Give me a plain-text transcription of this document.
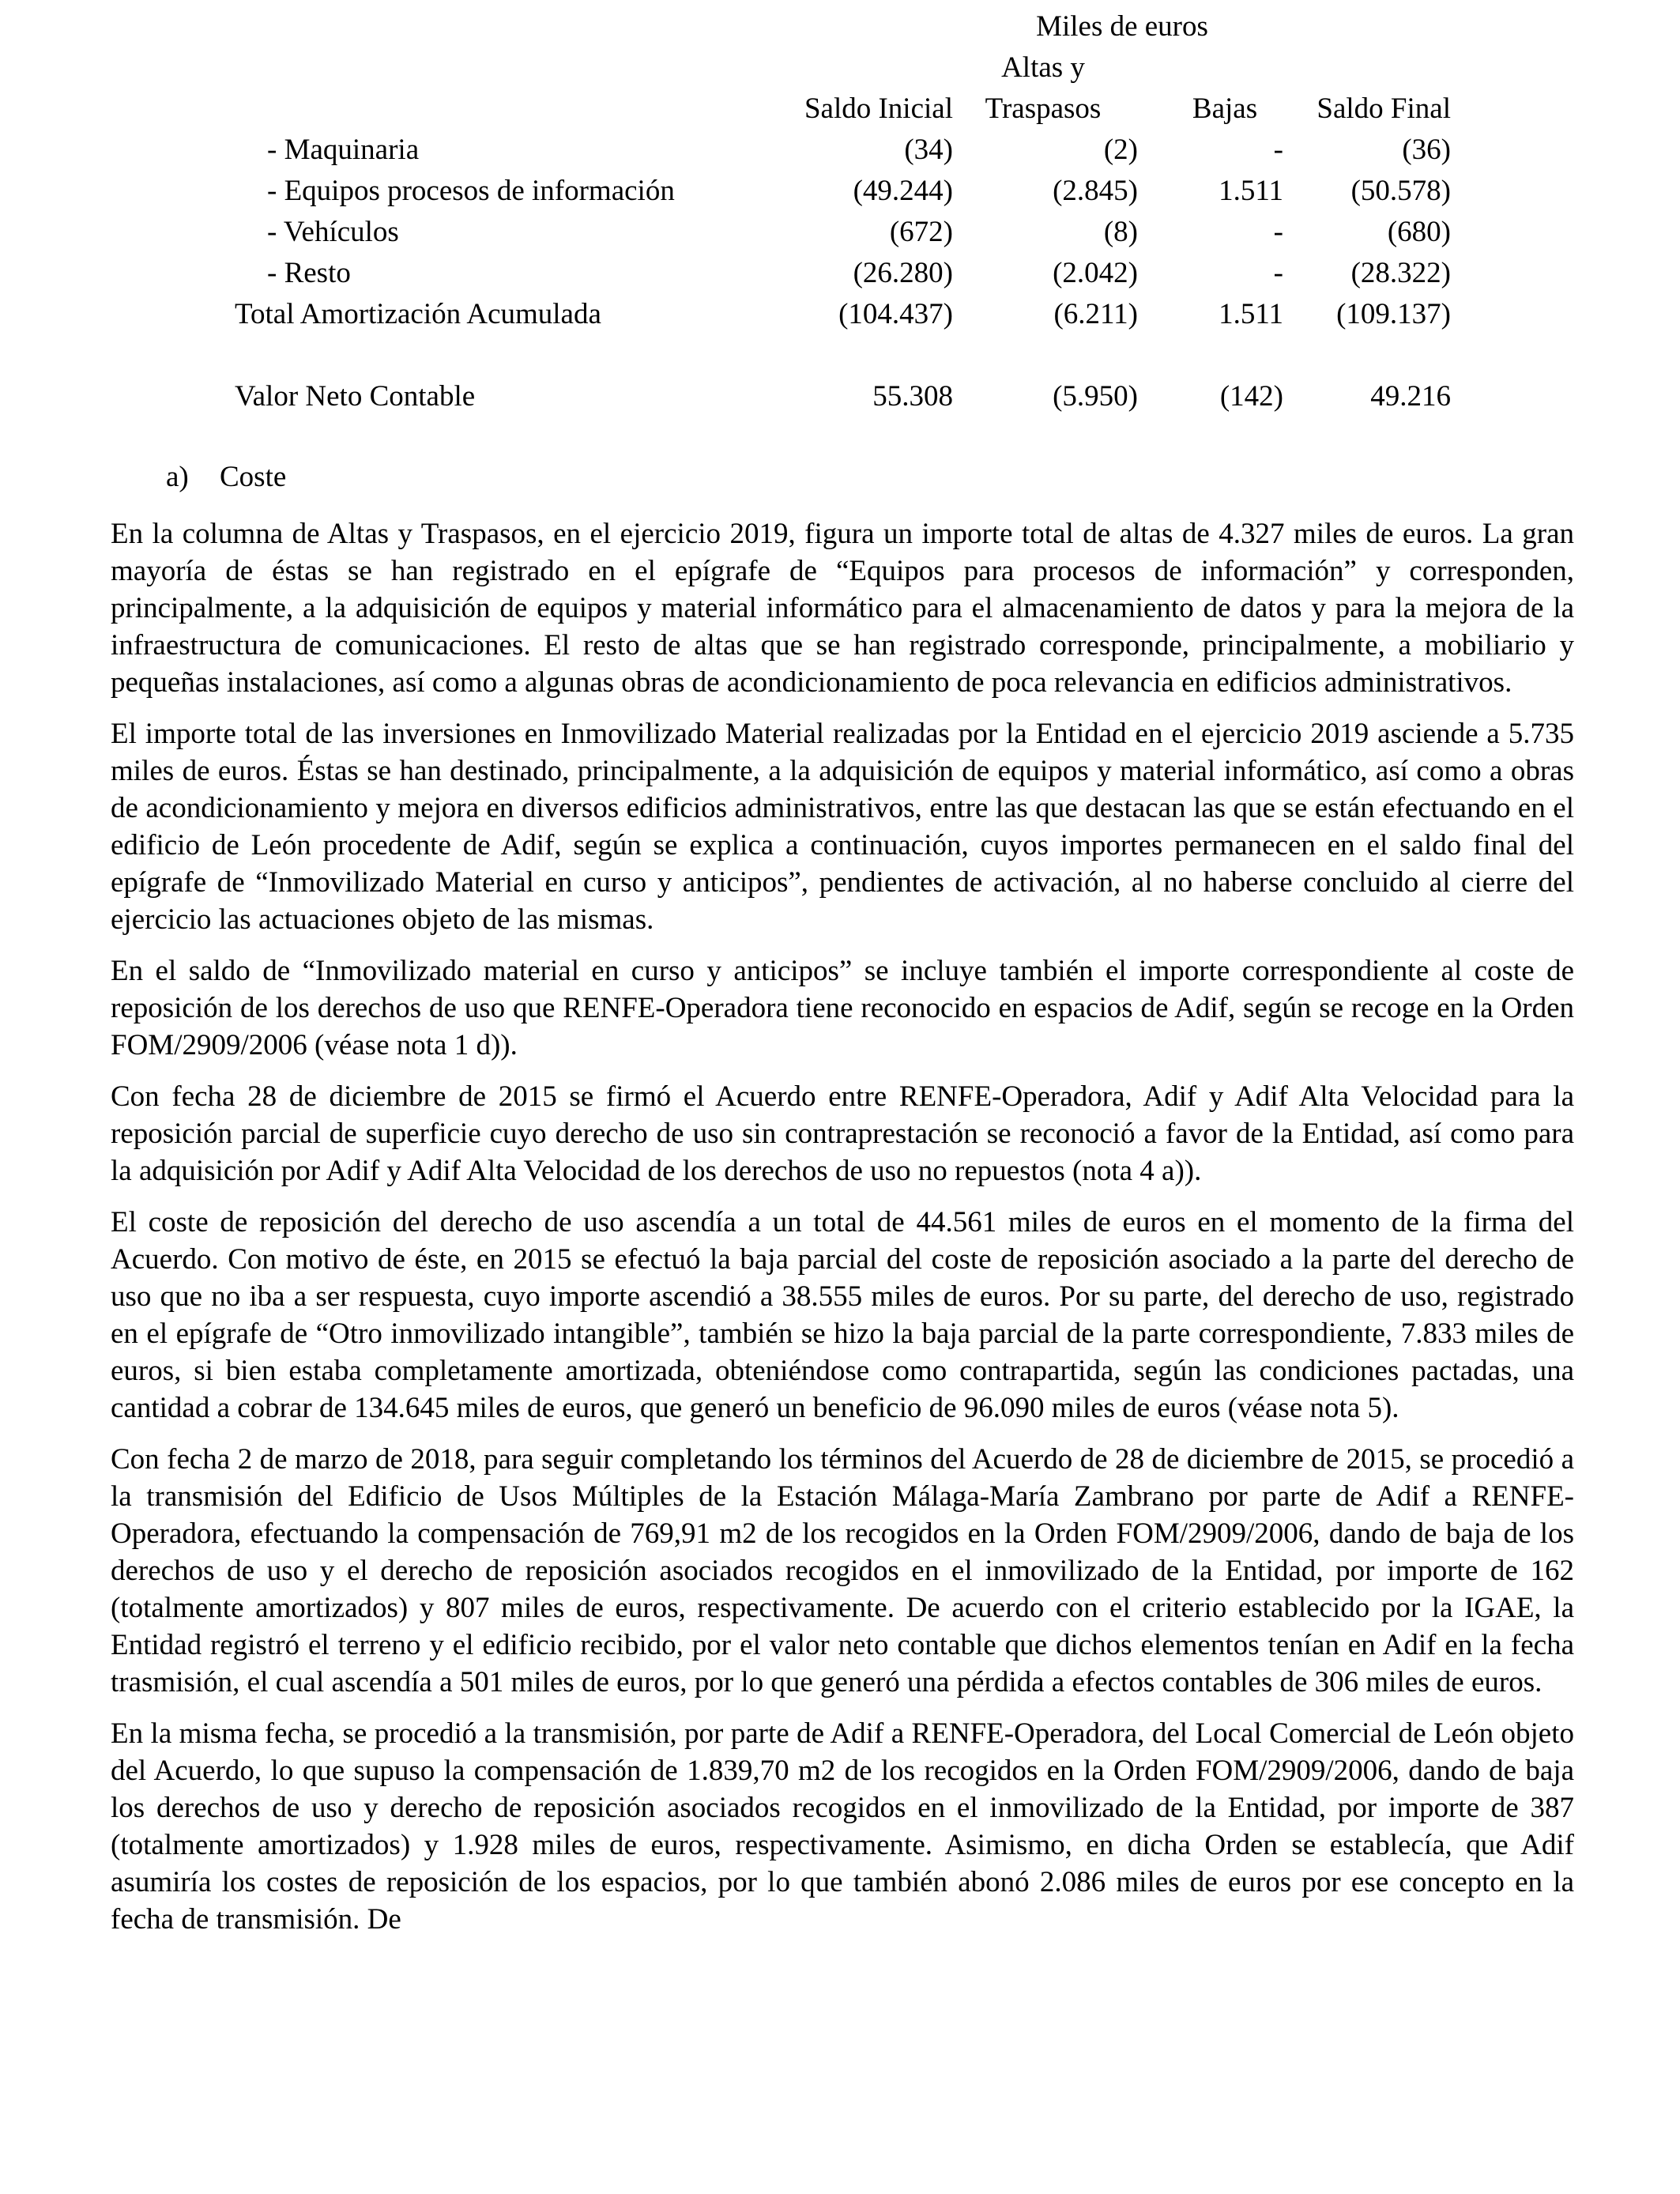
Miles de euros
Altas y
Saldo Inicial	Traspasos	Bajas	Saldo Final
- Maquinaria	(34)	(2)	-	(36)
- Equipos procesos de información	(49.244)	(2.845)	1.511	(50.578)
- Vehículos	(672)	(8)	-	(680)
- Resto	(26.280)	(2.042)	-	(28.322)
Total Amortización Acumulada	(104.437)	(6.211)	1.511	(109.137)
Valor Neto Contable	55.308	(5.950)	(142)	49.216
a) Coste

En la columna de Altas y Traspasos, en el ejercicio 2019, figura un importe total de altas de 4.327 miles de euros. La gran mayoría de éstas se han registrado en el epígrafe de “Equipos para procesos de información” y corresponden, principalmente, a la adquisición de equipos y material informático para el almacenamiento de datos y para la mejora de la infraestructura de comunicaciones. El resto de altas que se han registrado corresponde, principalmente, a mobiliario y pequeñas instalaciones, así como a algunas obras de acondicionamiento de poca relevancia en edificios administrativos.

El importe total de las inversiones en Inmovilizado Material realizadas por la Entidad en el ejercicio 2019 asciende a 5.735 miles de euros. Éstas se han destinado, principalmente, a la adquisición de equipos y material informático, así como a obras de acondicionamiento y mejora en diversos edificios administrativos, entre las que destacan las que se están efectuando en el edificio de León procedente de Adif, según se explica a continuación, cuyos importes permanecen en el saldo final del epígrafe de “Inmovilizado Material en curso y anticipos”, pendientes de activación, al no haberse concluido al cierre del ejercicio las actuaciones objeto de las mismas.

En el saldo de “Inmovilizado material en curso y anticipos” se incluye también el importe correspondiente al coste de reposición de los derechos de uso que RENFE-Operadora tiene reconocido en espacios de Adif, según se recoge en la Orden FOM/2909/2006 (véase nota 1 d)).

Con fecha 28 de diciembre de 2015 se firmó el Acuerdo entre RENFE-Operadora, Adif y Adif Alta Velocidad para la reposición parcial de superficie cuyo derecho de uso sin contraprestación se reconoció a favor de la Entidad, así como para la adquisición por Adif y Adif Alta Velocidad de los derechos de uso no repuestos (nota 4 a)).

El coste de reposición del derecho de uso ascendía a un total de 44.561 miles de euros en el momento de la firma del Acuerdo. Con motivo de éste, en 2015 se efectuó la baja parcial del coste de reposición asociado a la parte del derecho de uso que no iba a ser respuesta, cuyo importe ascendió a 38.555 miles de euros. Por su parte, del derecho de uso, registrado en el epígrafe de “Otro inmovilizado intangible”, también se hizo la baja parcial de la parte correspondiente, 7.833 miles de euros, si bien estaba completamente amortizada, obteniéndose como contrapartida, según las condiciones pactadas, una cantidad a cobrar de 134.645 miles de euros, que generó un beneficio de 96.090 miles de euros (véase nota 5).

Con fecha 2 de marzo de 2018, para seguir completando los términos del Acuerdo de 28 de diciembre de 2015, se procedió a la transmisión del Edificio de Usos Múltiples de la Estación Málaga-María Zambrano por parte de Adif a RENFE-Operadora, efectuando la compensación de 769,91 m2 de los recogidos en la Orden FOM/2909/2006, dando de baja de los derechos de uso y el derecho de reposición asociados recogidos en el inmovilizado de la Entidad, por importe de 162 (totalmente amortizados) y 807 miles de euros, respectivamente. De acuerdo con el criterio establecido por la IGAE, la Entidad registró el terreno y el edificio recibido, por el valor neto contable que dichos elementos tenían en Adif en la fecha trasmisión, el cual ascendía a 501 miles de euros, por lo que generó una pérdida a efectos contables de 306 miles de euros.

En la misma fecha, se procedió a la transmisión, por parte de Adif a RENFE-Operadora, del Local Comercial de León objeto del Acuerdo, lo que supuso la compensación de 1.839,70 m2 de los recogidos en la Orden FOM/2909/2006, dando de baja los derechos de uso y derecho de reposición asociados recogidos en el inmovilizado de la Entidad, por importe de 387 (totalmente amortizados) y 1.928 miles de euros, respectivamente. Asimismo, en dicha Orden se establecía, que Adif asumiría los costes de reposición de los espacios, por lo que también abonó 2.086 miles de euros por ese concepto en la fecha de transmisión. De
